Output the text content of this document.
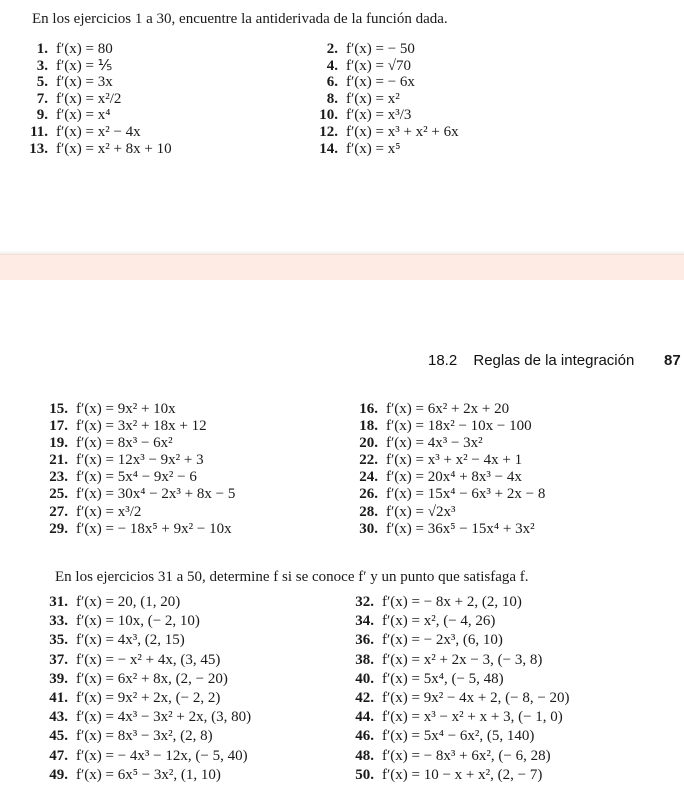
En los ejercicios 1 a 30, encuentre la antiderivada de la función dada.
1. f′(x) = 80	2. f′(x) = − 50
3. f′(x) = ⅕	4. f′(x) = √70
5. f′(x) = 3x	6. f′(x) = − 6x
7. f′(x) = x²/2	8. f′(x) = x²
9. f′(x) = x⁴	10. f′(x) = x³/3
11. f′(x) = x² − 4x	12. f′(x) = x³ + x² + 6x
13. f′(x) = x² + 8x + 10	14. f′(x) = x⁵
18.2 Reglas de la integración 87
15. f′(x) = 9x² + 10x	16. f′(x) = 6x² + 2x + 20
17. f′(x) = 3x² + 18x + 12	18. f′(x) = 18x² − 10x − 100
19. f′(x) = 8x³ − 6x²	20. f′(x) = 4x³ − 3x²
21. f′(x) = 12x³ − 9x² + 3	22. f′(x) = x³ + x² − 4x + 1
23. f′(x) = 5x⁴ − 9x² − 6	24. f′(x) = 20x⁴ + 8x³ − 4x
25. f′(x) = 30x⁴ − 2x³ + 8x − 5	26. f′(x) = 15x⁴ − 6x³ + 2x − 8
27. f′(x) = x³/2	28. f′(x) = √2x³
29. f′(x) = − 18x⁵ + 9x² − 10x	30. f′(x) = 36x⁵ − 15x⁴ + 3x²
En los ejercicios 31 a 50, determine f si se conoce f′ y un punto que satisfaga f.
31. f′(x) = 20, (1, 20)	32. f′(x) = − 8x + 2, (2, 10)
33. f′(x) = 10x, (− 2, 10)	34. f′(x) = x², (− 4, 26)
35. f′(x) = 4x³, (2, 15)	36. f′(x) = − 2x³, (6, 10)
37. f′(x) = − x² + 4x, (3, 45)	38. f′(x) = x² + 2x − 3, (− 3, 8)
39. f′(x) = 6x² + 8x, (2, − 20)	40. f′(x) = 5x⁴, (− 5, 48)
41. f′(x) = 9x² + 2x, (− 2, 2)	42. f′(x) = 9x² − 4x + 2, (− 8, − 20)
43. f′(x) = 4x³ − 3x² + 2x, (3, 80)	44. f′(x) = x³ − x² + x + 3, (− 1, 0)
45. f′(x) = 8x³ − 3x², (2, 8)	46. f′(x) = 5x⁴ − 6x², (5, 140)
47. f′(x) = − 4x³ − 12x, (− 5, 40)	48. f′(x) = − 8x³ + 6x², (− 6, 28)
49. f′(x) = 6x⁵ − 3x², (1, 10)	50. f′(x) = 10 − x + x², (2, − 7)
